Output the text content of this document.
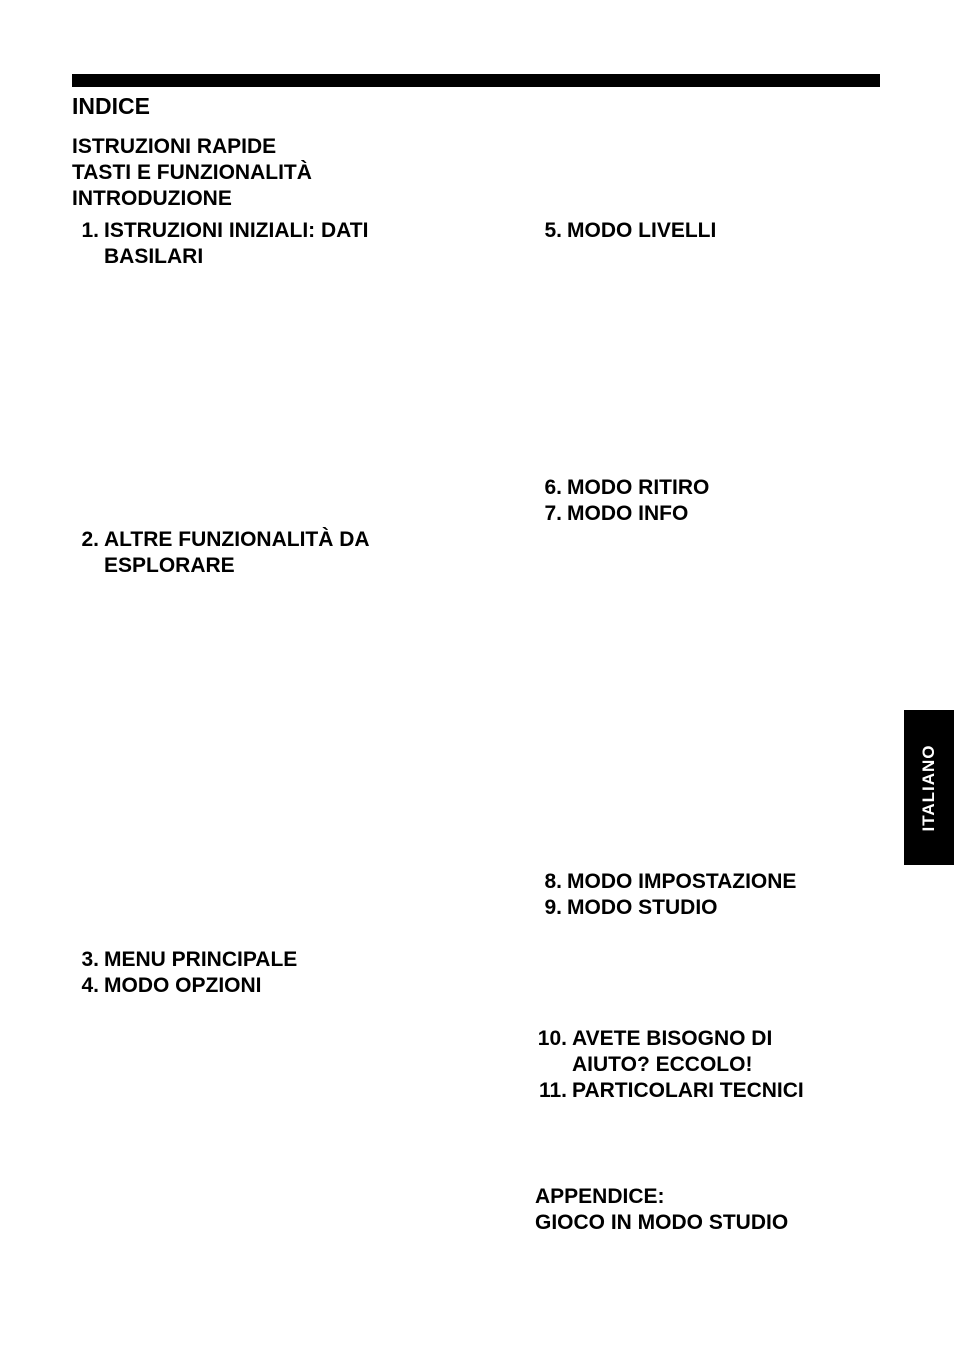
INDICE
ISTRUZIONI RAPIDE
TASTI E FUNZIONALITÀ
INTRODUZIONE
1. ISTRUZIONI INIZIALI: DATI
BASILARI
2. ALTRE FUNZIONALITÀ DA
ESPLORARE
3. MENU PRINCIPALE
4. MODO OPZIONI
5. MODO LIVELLI
6. MODO RITIRO
7. MODO INFO
8. MODO IMPOSTAZIONE
9. MODO STUDIO
10. AVETE BISOGNO DI
AIUTO? ECCOLO!
11. PARTICOLARI TECNICI
APPENDICE:
GIOCO IN MODO STUDIO
ITALIANO
